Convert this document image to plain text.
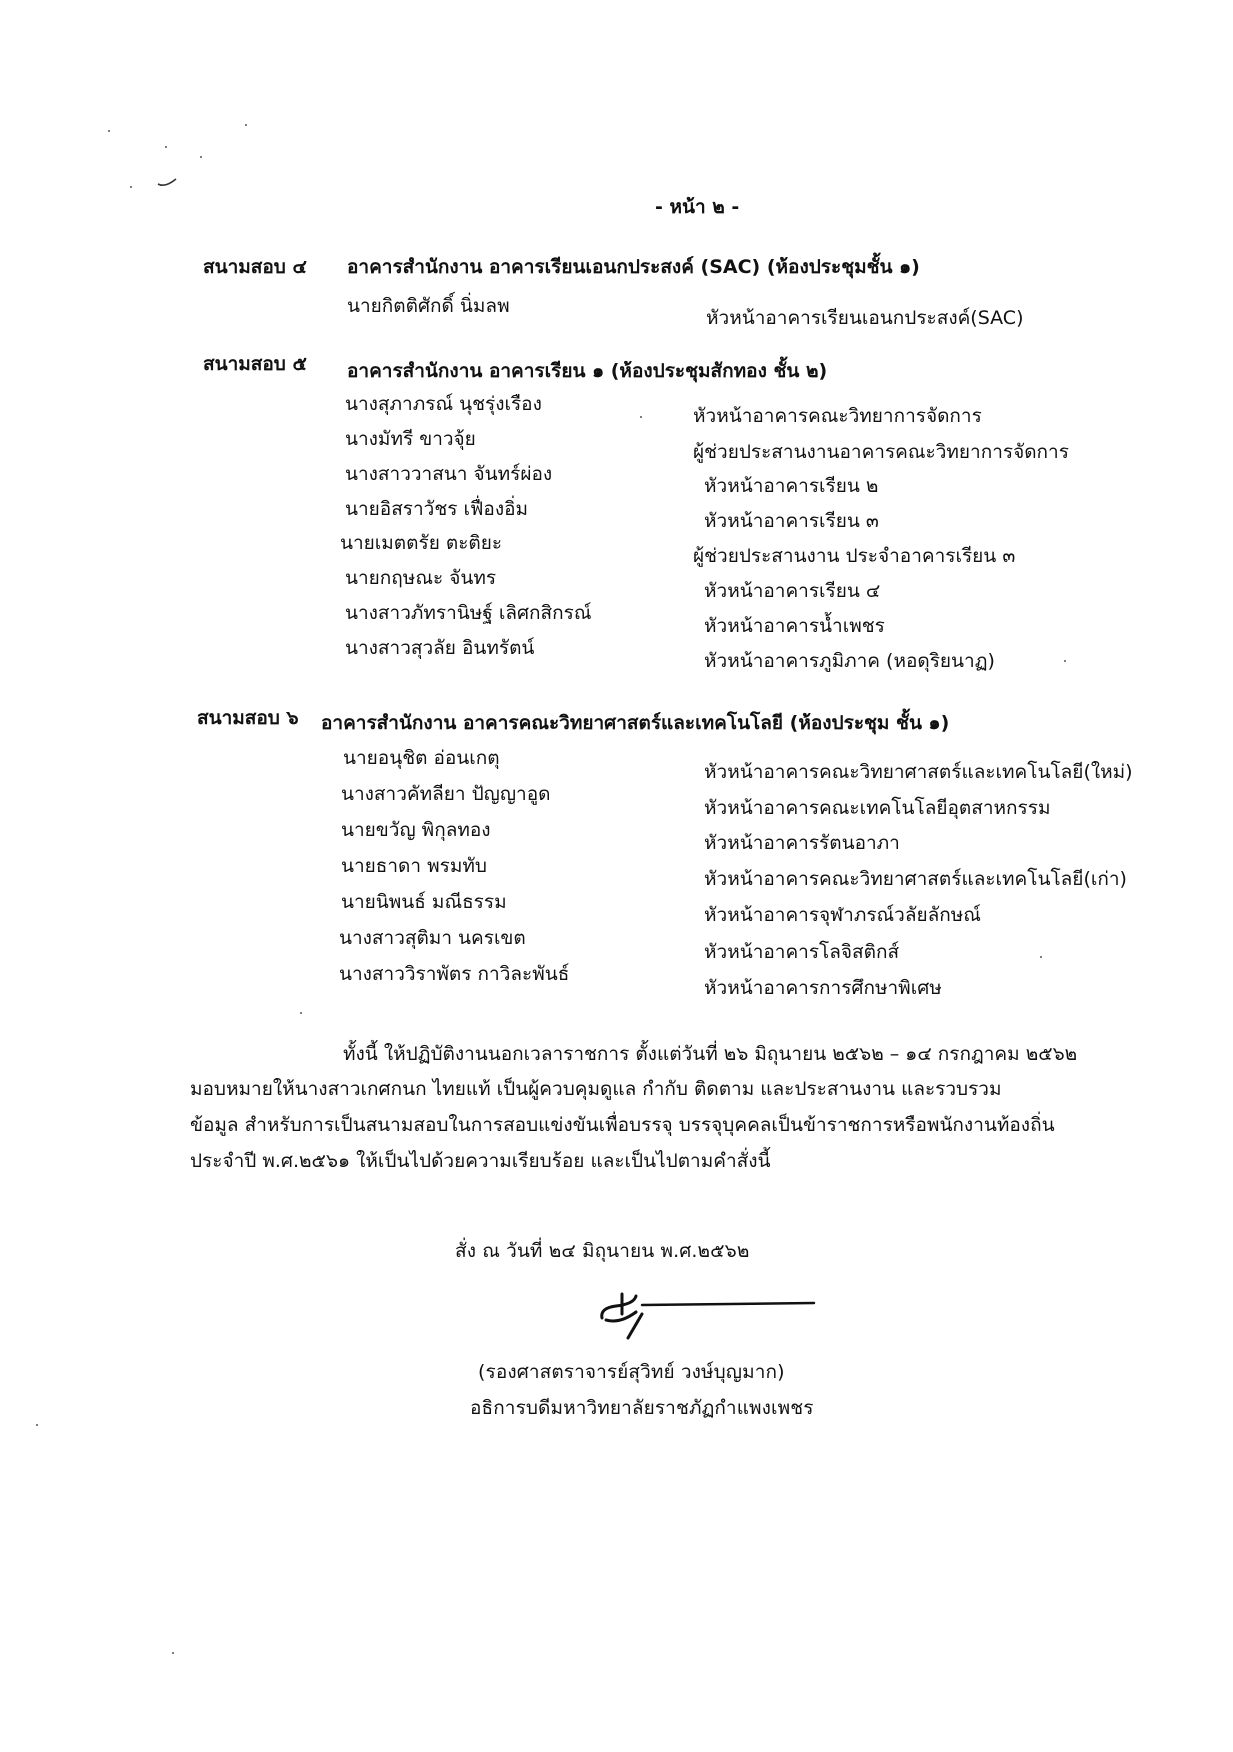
- หน้า ๒ -
สนามสอบ ๔ อาคารสำนักงาน อาคารเรียนเอนกประสงค์ (SAC) (ห้องประชุมชั้น ๑)
นายกิตติศักดิ์ นิ่มลพ
หัวหน้าอาคารเรียนเอนกประสงค์(SAC)
สนามสอบ ๕ อาคารสำนักงาน อาคารเรียน ๑ (ห้องประชุมสักทอง ชั้น ๒)
นางสุภาภรณ์ นุชรุ่งเรือง
หัวหน้าอาคารคณะวิทยาการจัดการ
นางมัทรี ขาวจุ้ย
ผู้ช่วยประสานงานอาคารคณะวิทยาการจัดการ
นางสาววาสนา จันทร์ผ่อง
หัวหน้าอาคารเรียน ๒
นายอิสราวัชร เฟื่องอิ่ม
หัวหน้าอาคารเรียน ๓
นายเมตตรัย ตะติยะ
ผู้ช่วยประสานงาน ประจำอาคารเรียน ๓
นายกฤษณะ จันทร
หัวหน้าอาคารเรียน ๔
นางสาวภัทรานิษฐ์ เลิศกสิกรณ์
หัวหน้าอาคารน้ำเพชร
นางสาวสุวลัย อินทรัตน์
หัวหน้าอาคารภูมิภาค (หอดุริยนาฏ)
สนามสอบ ๖ อาคารสำนักงาน อาคารคณะวิทยาศาสตร์และเทคโนโลยี (ห้องประชุม ชั้น ๑)
นายอนุชิต อ่อนเกตุ
หัวหน้าอาคารคณะวิทยาศาสตร์และเทคโนโลยี(ใหม่)
นางสาวคัทลียา ปัญญาอูด
หัวหน้าอาคารคณะเทคโนโลยีอุตสาหกรรม
นายขวัญ พิกุลทอง
หัวหน้าอาคารรัตนอาภา
นายธาดา พรมทับ
หัวหน้าอาคารคณะวิทยาศาสตร์และเทคโนโลยี(เก่า)
นายนิพนธ์ มณีธรรม
หัวหน้าอาคารจุฬาภรณ์วลัยลักษณ์
นางสาวสุติมา นครเขต
หัวหน้าอาคารโลจิสติกส์
นางสาววิราพัตร กาวิละพันธ์
หัวหน้าอาคารการศึกษาพิเศษ
ทั้งนี้ ให้ปฏิบัติงานนอกเวลาราชการ ตั้งแต่วันที่ ๒๖ มิถุนายน ๒๕๖๒ – ๑๔ กรกฎาคม ๒๕๖๒
มอบหมายให้นางสาวเกศกนก ไทยแท้ เป็นผู้ควบคุมดูแล กำกับ ติดตาม และประสานงาน และรวบรวม
ข้อมูล สำหรับการเป็นสนามสอบในการสอบแข่งขันเพื่อบรรจุ บรรจุบุคคลเป็นข้าราชการหรือพนักงานท้องถิ่น
ประจำปี พ.ศ.๒๕๖๑ ให้เป็นไปด้วยความเรียบร้อย และเป็นไปตามคำสั่งนี้
สั่ง ณ วันที่ ๒๔ มิถุนายน พ.ศ.๒๕๖๒
(รองศาสตราจารย์สุวิทย์ วงษ์บุญมาก)
อธิการบดีมหาวิทยาลัยราชภัฏกำแพงเพชร
